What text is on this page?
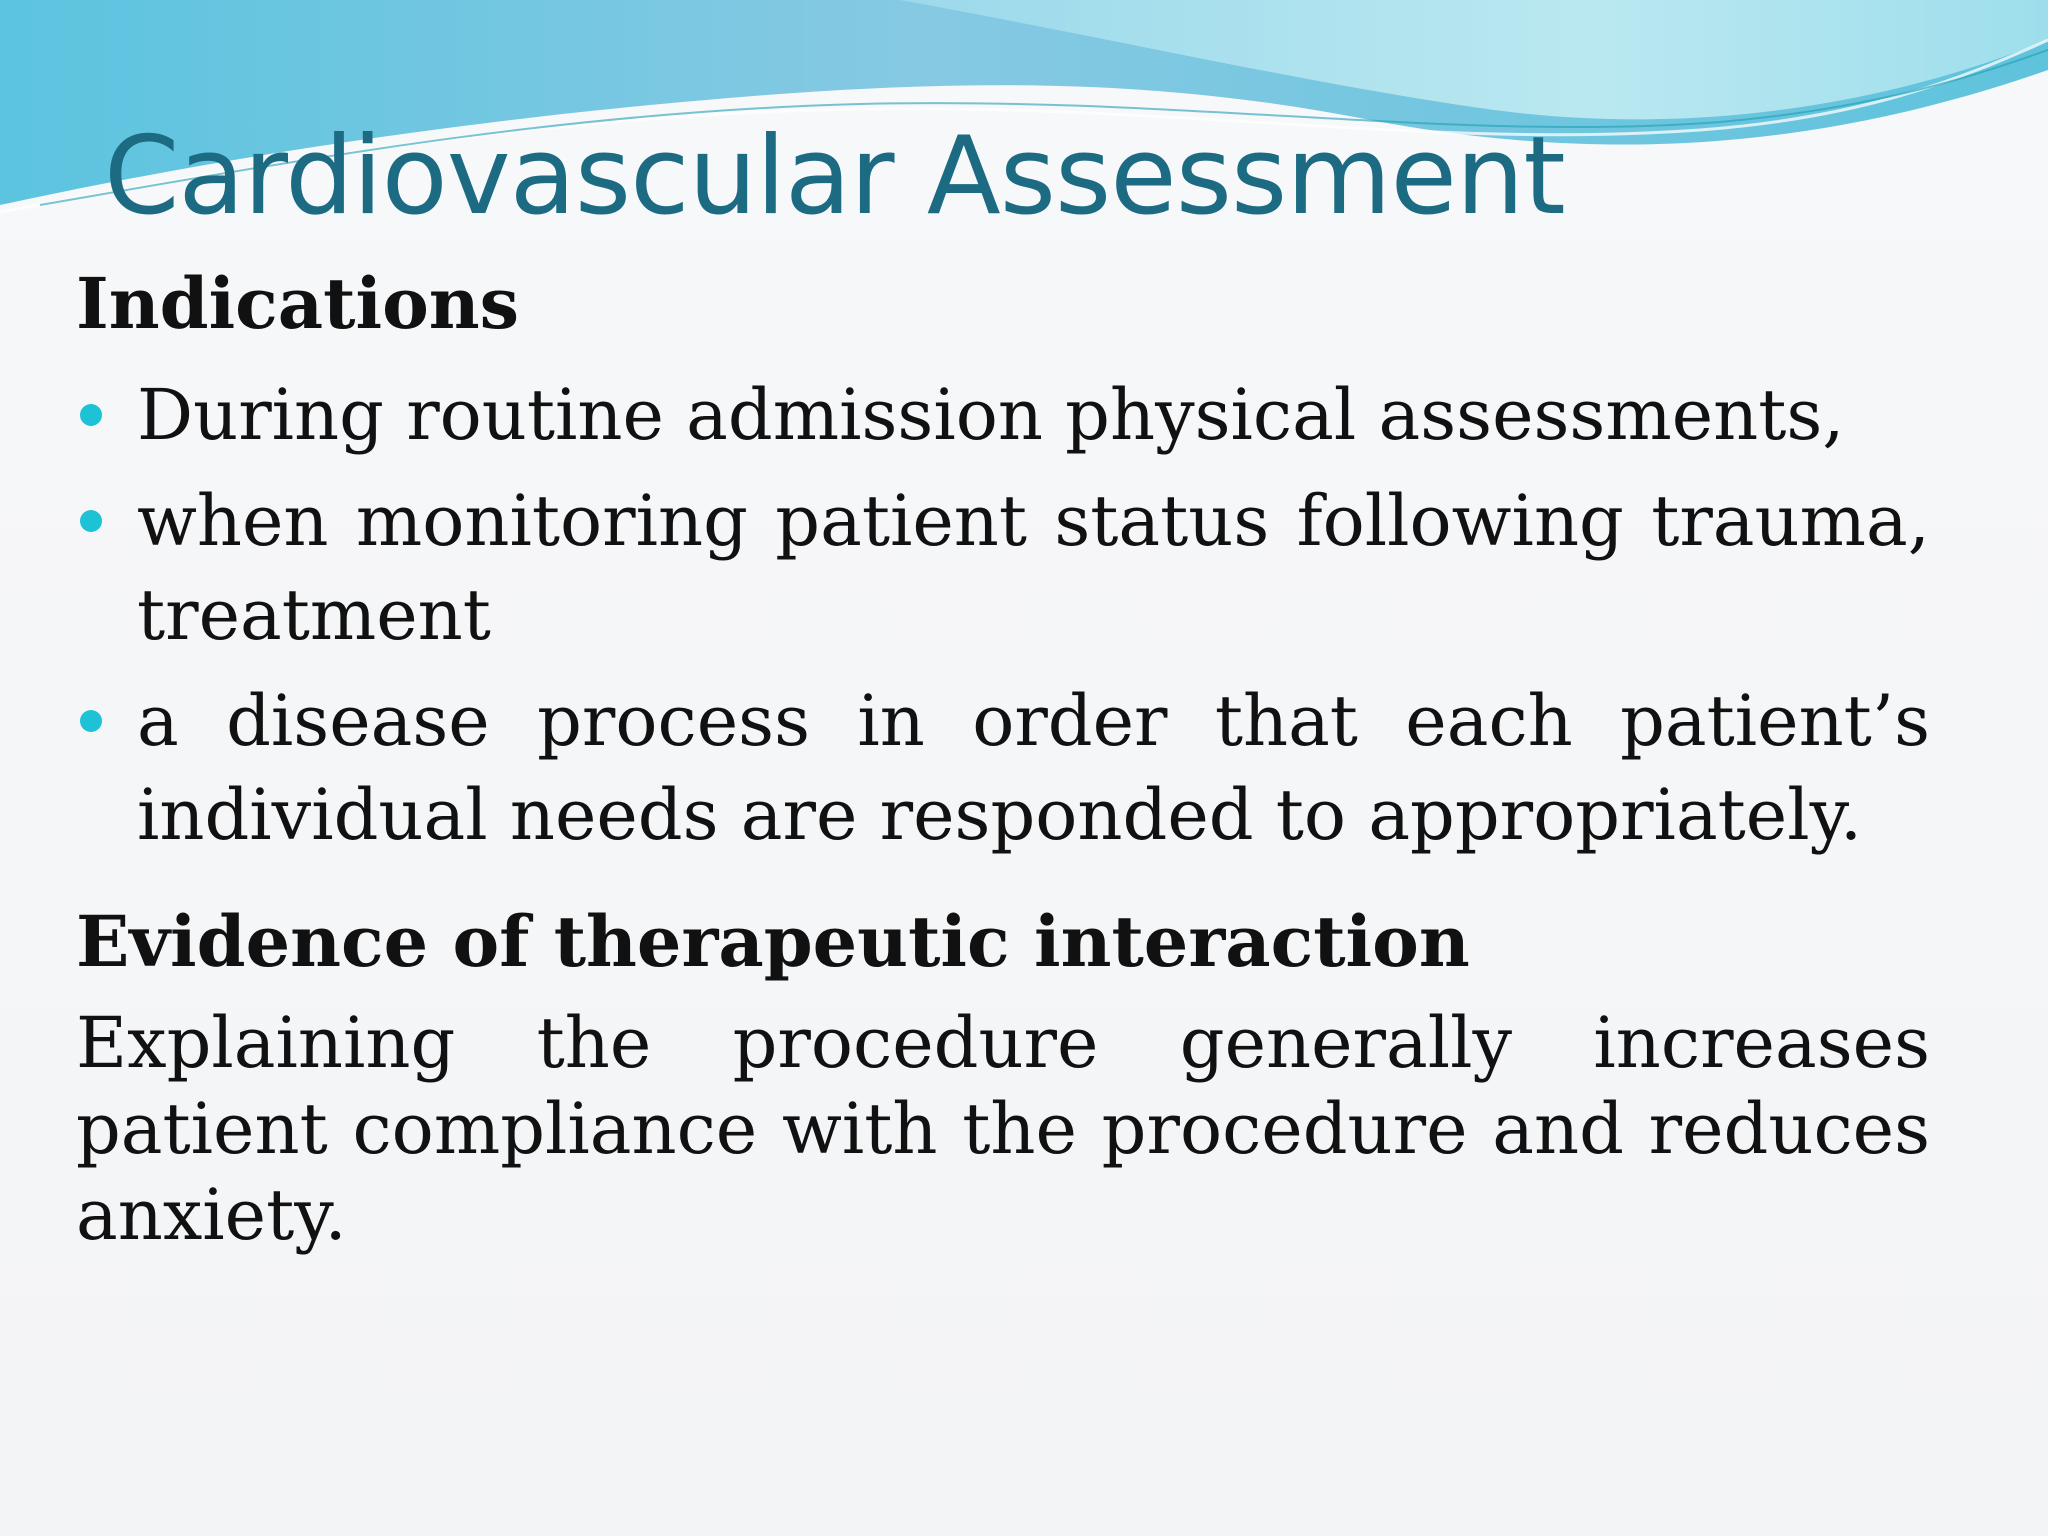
Cardiovascular Assessment
Indications
During routine admission physical assessments,
when monitoring patient status following trauma, treatment
a disease process in order that each patient’s individual needs are responded to appropriately.
Evidence of therapeutic interaction

Explaining the procedure generally increases patient compliance with the procedure and reduces anxiety.
